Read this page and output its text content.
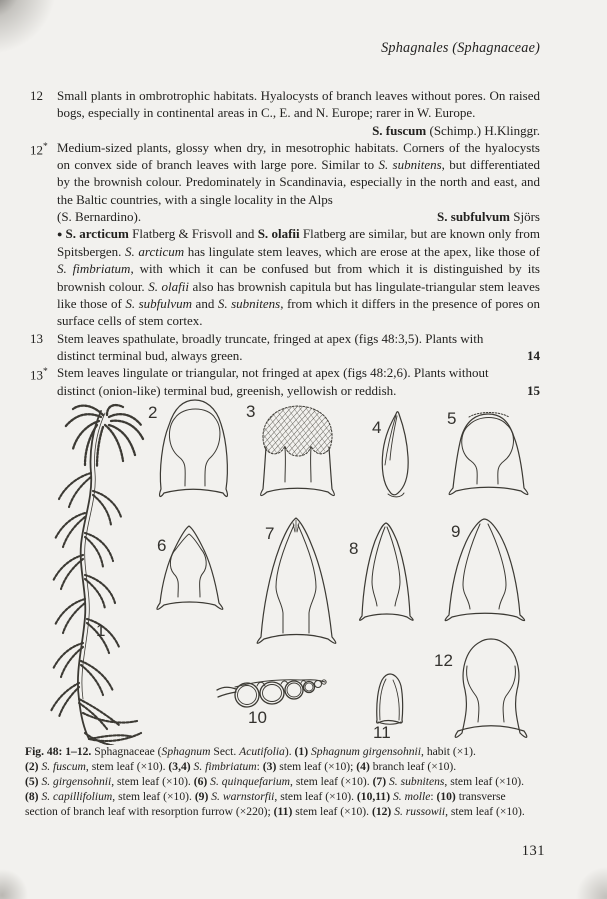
Sphagnales (Sphagnaceae)
12	Small plants in ombrotrophic habitats. Hyalocysts of branch leaves without pores. On raised bogs, especially in continental areas in C., E. and N. Europe; rarer in W. Europe.
S. fuscum (Schimp.) H.Klinggr.
12* Medium-sized plants, glossy when dry, in mesotrophic habitats. Corners of the hyalocysts on convex side of branch leaves with large pore. Similar to S. subnitens, but differentiated by the brownish colour. Predominately in Scandinavia, especially in the north and east, and the Baltic countries, with a single locality in the Alps
(S. Bernardino).	S. subfulvum Sjörs
● S. arcticum Flatberg & Frisvoll and S. olafii Flatberg are similar, but are known only from Spitsbergen. S. arcticum has lingulate stem leaves, which are erose at the apex, like those of S. fimbriatum, with which it can be confused but from which it is distinguished by its brownish colour. S. olafii also has brownish capitula but has lingulate-triangular stem leaves like those of S. subfulvum and S. subnitens, from which it differs in the presence of pores on surface cells of stem cortex.
13	Stem leaves spathulate, broadly truncate, fringed at apex (figs 48:3,5). Plants with
distinct terminal bud, always green.	14
13* Stem leaves lingulate or triangular, not fringed at apex (figs 48:2,6). Plants without
distinct (onion-like) terminal bud, greenish, yellowish or reddish.	15
1
2	3
4	5
6
7
8
9
10
11
12
Fig. 48: 1–12. Sphagnaceae (Sphagnum Sect. Acutifolia). (1) Sphagnum girgensohnii, habit (×1).
(2) S. fuscum, stem leaf (×10). (3,4) S. fimbriatum: (3) stem leaf (×10); (4) branch leaf (×10).
(5) S. girgensohnii, stem leaf (×10). (6) S. quinquefarium, stem leaf (×10). (7) S. subnitens, stem leaf (×10).
(8) S. capillifolium, stem leaf (×10). (9) S. warnstorfii, stem leaf (×10). (10,11) S. molle: (10) transverse
section of branch leaf with resorption furrow (×220); (11) stem leaf (×10). (12) S. russowii, stem leaf (×10).
131
